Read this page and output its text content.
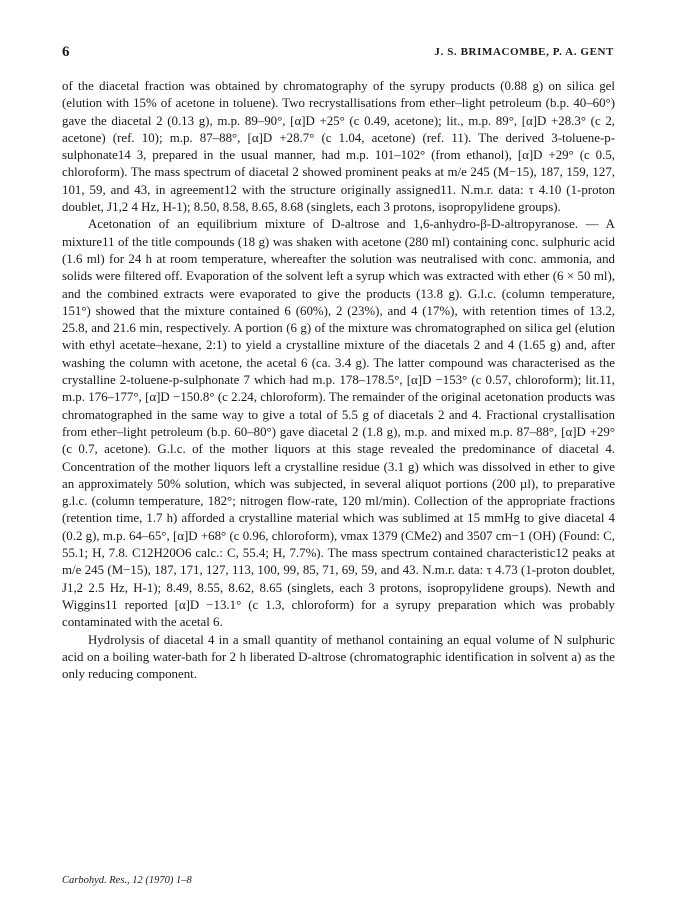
6	J. S. BRIMACOMBE, P. A. GENT

of the diacetal fraction was obtained by chromatography of the syrupy products (0.88 g) on silica gel (elution with 15% of acetone in toluene). Two recrystallisations from ether–light petroleum (b.p. 40–60°) gave the diacetal 2 (0.13 g), m.p. 89–90°, [α]D +25° (c 0.49, acetone); lit., m.p. 89°, [α]D +28.3° (c 2, acetone) (ref. 10); m.p. 87–88°, [α]D +28.7° (c 1.04, acetone) (ref. 11). The derived 3-toluene-p-sulphonate14 3, prepared in the usual manner, had m.p. 101–102° (from ethanol), [α]D +29° (c 0.5, chloroform). The mass spectrum of diacetal 2 showed prominent peaks at m/e 245 (M−15), 187, 159, 127, 101, 59, and 43, in agreement12 with the structure originally assigned11. N.m.r. data: τ 4.10 (1-proton doublet, J1,2 4 Hz, H-1); 8.50, 8.58, 8.65, 8.68 (singlets, each 3 protons, isopropylidene groups).

Acetonation of an equilibrium mixture of D-altrose and 1,6-anhydro-β-D-altropyranose. — A mixture11 of the title compounds (18 g) was shaken with acetone (280 ml) containing conc. sulphuric acid (1.6 ml) for 24 h at room temperature, whereafter the solution was neutralised with conc. ammonia, and solids were filtered off. Evaporation of the solvent left a syrup which was extracted with ether (6 × 50 ml), and the combined extracts were evaporated to give the products (13.8 g). G.l.c. (column temperature, 151°) showed that the mixture contained 6 (60%), 2 (23%), and 4 (17%), with retention times of 13.2, 25.8, and 21.6 min, respectively. A portion (6 g) of the mixture was chromatographed on silica gel (elution with ethyl acetate–hexane, 2:1) to yield a crystalline mixture of the diacetals 2 and 4 (1.65 g) and, after washing the column with acetone, the acetal 6 (ca. 3.4 g). The latter compound was characterised as the crystalline 2-toluene-p-sulphonate 7 which had m.p. 178–178.5°, [α]D −153° (c 0.57, chloroform); lit.11, m.p. 176–177°, [α]D −150.8° (c 2.24, chloroform). The remainder of the original acetonation products was chromatographed in the same way to give a total of 5.5 g of diacetals 2 and 4. Fractional crystallisation from ether–light petroleum (b.p. 60–80°) gave diacetal 2 (1.8 g), m.p. and mixed m.p. 87–88°, [α]D +29° (c 0.7, acetone). G.l.c. of the mother liquors at this stage revealed the predominance of diacetal 4. Concentration of the mother liquors left a crystalline residue (3.1 g) which was dissolved in ether to give an approximately 50% solution, which was subjected, in several aliquot portions (200 µl), to preparative g.l.c. (column temperature, 182°; nitrogen flow-rate, 120 ml/min). Collection of the appropriate fractions (retention time, 1.7 h) afforded a crystalline material which was sublimed at 15 mmHg to give diacetal 4 (0.2 g), m.p. 64–65°, [α]D +68° (c 0.96, chloroform), νmax 1379 (CMe2) and 3507 cm−1 (OH) (Found: C, 55.1; H, 7.8. C12H20O6 calc.: C, 55.4; H, 7.7%). The mass spectrum contained characteristic12 peaks at m/e 245 (M−15), 187, 171, 127, 113, 100, 99, 85, 71, 69, 59, and 43. N.m.r. data: τ 4.73 (1-proton doublet, J1,2 2.5 Hz, H-1); 8.49, 8.55, 8.62, 8.65 (singlets, each 3 protons, isopropylidene groups). Newth and Wiggins11 reported [α]D −13.1° (c 1.3, chloroform) for a syrupy preparation which was probably contaminated with the acetal 6.

Hydrolysis of diacetal 4 in a small quantity of methanol containing an equal volume of N sulphuric acid on a boiling water-bath for 2 h liberated D-altrose (chromatographic identification in solvent a) as the only reducing component.

Carbohyd. Res., 12 (1970) 1–8
